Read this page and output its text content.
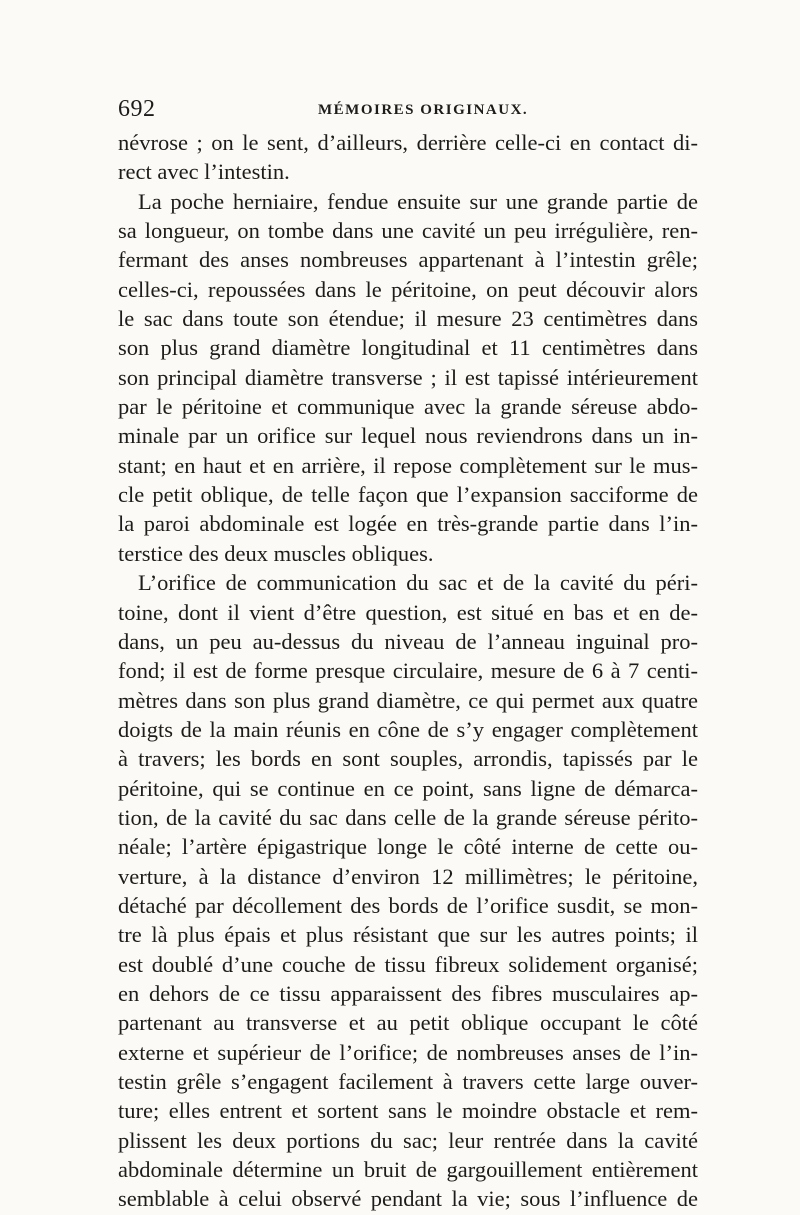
692	MÉMOIRES ORIGINAUX.
névrose ; on le sent, d’ailleurs, derrière celle-ci en contact di-
rect avec l’intestin.
La poche herniaire, fendue ensuite sur une grande partie de
sa longueur, on tombe dans une cavité un peu irrégulière, ren-
fermant des anses nombreuses appartenant à l’intestin grêle;
celles-ci, repoussées dans le péritoine, on peut découvir alors
le sac dans toute son étendue; il mesure 23 centimètres dans
son plus grand diamètre longitudinal et 11 centimètres dans
son principal diamètre transverse ; il est tapissé intérieurement
par le péritoine et communique avec la grande séreuse abdo-
minale par un orifice sur lequel nous reviendrons dans un in-
stant; en haut et en arrière, il repose complètement sur le mus-
cle petit oblique, de telle façon que l’expansion sacciforme de
la paroi abdominale est logée en très-grande partie dans l’in-
terstice des deux muscles obliques.
L’orifice de communication du sac et de la cavité du péri-
toine, dont il vient d’être question, est situé en bas et en de-
dans, un peu au-dessus du niveau de l’anneau inguinal pro-
fond; il est de forme presque circulaire, mesure de 6 à 7 centi-
mètres dans son plus grand diamètre, ce qui permet aux quatre
doigts de la main réunis en cône de s’y engager complètement
à travers; les bords en sont souples, arrondis, tapissés par le
péritoine, qui se continue en ce point, sans ligne de démarca-
tion, de la cavité du sac dans celle de la grande séreuse périto-
néale; l’artère épigastrique longe le côté interne de cette ou-
verture, à la distance d’environ 12 millimètres; le péritoine,
détaché par décollement des bords de l’orifice susdit, se mon-
tre là plus épais et plus résistant que sur les autres points; il
est doublé d’une couche de tissu fibreux solidement organisé;
en dehors de ce tissu apparaissent des fibres musculaires ap-
partenant au transverse et au petit oblique occupant le côté
externe et supérieur de l’orifice; de nombreuses anses de l’in-
testin grêle s’engagent facilement à travers cette large ouver-
ture; elles entrent et sortent sans le moindre obstacle et rem-
plissent les deux portions du sac; leur rentrée dans la cavité
abdominale détermine un bruit de gargouillement entièrement
semblable à celui observé pendant la vie; sous l’influence de
